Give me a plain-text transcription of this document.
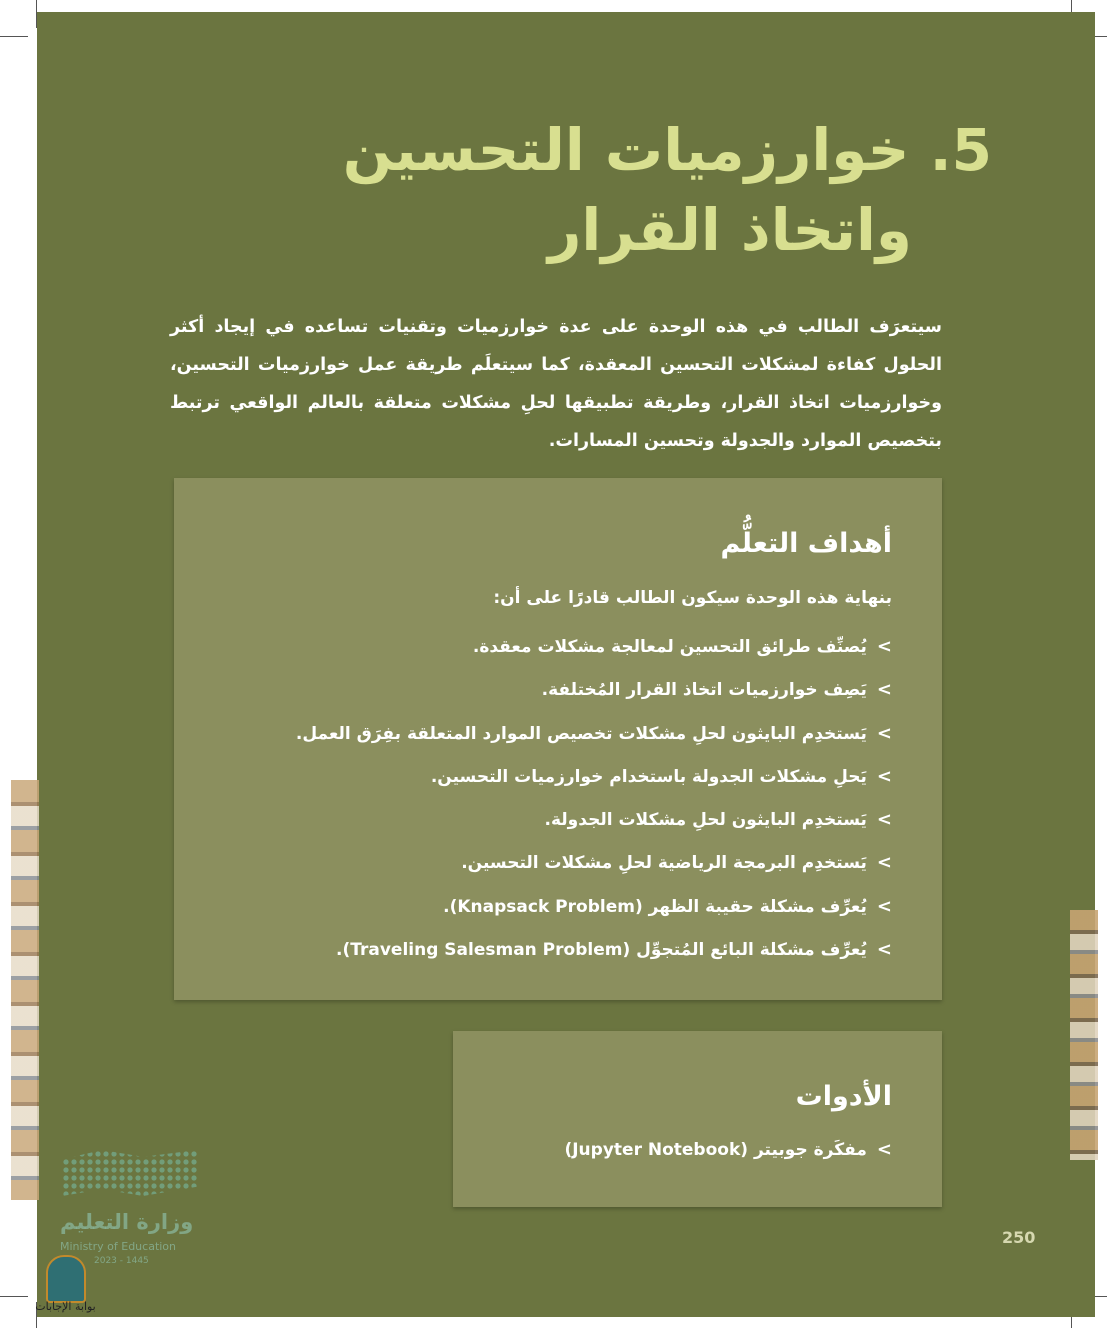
5. خوارزميات التحسين
واتخاذ القرار

سيتعرَف الطالب في هذه الوحدة على عدة خوارزميات وتقنيات تساعده في إيجاد أكثر الحلول كفاءة لمشكلات التحسين المعقدة، كما سيتعلَم طريقة عمل خوارزميات التحسين، وخوارزميات اتخاذ القرار، وطريقة تطبيقها لحلِ مشكلات متعلقة بالعالم الواقعي ترتبط بتخصيص الموارد والجدولة وتحسين المسارات.

أهداف التعلُّم

بنهاية هذه الوحدة سيكون الطالب قادرًا على أن:

>يُصنِّف طرائق التحسين لمعالجة مشكلات معقدة.
>يَصِف خوارزميات اتخاذ القرار المُختلفة.
>يَستخدِم البايثون لحلِ مشكلات تخصيص الموارد المتعلقة بفِرَق العمل.
>يَحلِ مشكلات الجدولة باستخدام خوارزميات التحسين.
>يَستخدِم البايثون لحلِ مشكلات الجدولة.
>يَستخدِم البرمجة الرياضية لحلِ مشكلات التحسين.
>يُعرِّف مشكلة حقيبة الظهر (Knapsack Problem).
>يُعرِّف مشكلة البائع المُتجوِّل (Traveling Salesman Problem).
الأدوات
>مفكَرة جوبيتر (Jupyter Notebook)
250
وزارة التعليم
Ministry of Education
2023 - 1445
بوابة الإجابات
